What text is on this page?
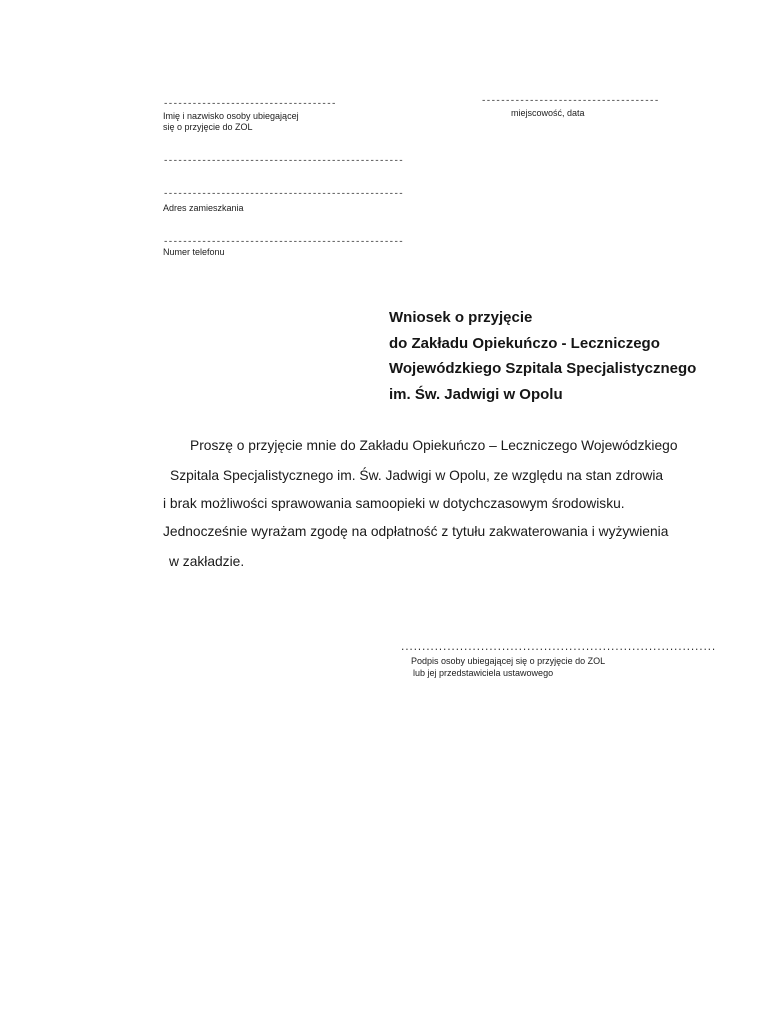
------------------------------------
Imię i nazwisko osoby ubiegającej
się o przyjęcie do ZOL
--------------------------------------------------
--------------------------------------------------
Adres zamieszkania
--------------------------------------------------
Numer telefonu
-------------------------------------
miejscowość, data
Wniosek o przyjęcie
do Zakładu Opiekuńczo - Leczniczego
Wojewódzkiego Szpitala Specjalistycznego
im. Św. Jadwigi w Opolu
Proszę o przyjęcie mnie do Zakładu Opiekuńczo – Leczniczego Wojewódzkiego
Szpitala Specjalistycznego im. Św. Jadwigi w Opolu, ze względu na stan zdrowia
i brak możliwości sprawowania samoopieki w dotychczasowym środowisku.
Jednocześnie wyrażam zgodę na odpłatność z tytułu zakwaterowania i wyżywienia
w zakładzie.
...........................................................................
Podpis osoby ubiegającej się o przyjęcie do ZOL
lub jej przedstawiciela ustawowego
